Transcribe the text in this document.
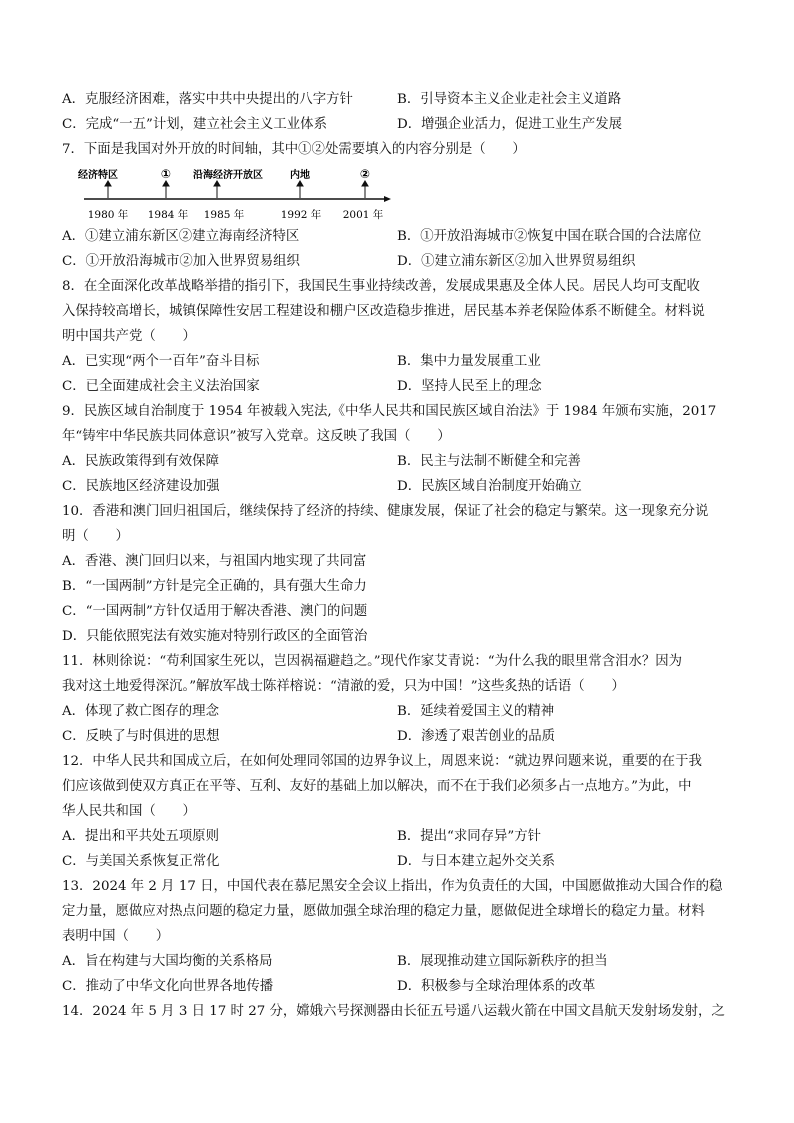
A．克服经济困难，落实中共中央提出的八字方针	B．引导资本主义企业走社会主义道路
C．完成“一五”计划，建立社会主义工业体系	D．增强企业活力，促进工业生产发展
7．下面是我国对外开放的时间轴，其中①②处需要填入的内容分别是（　　）
经济特区	① 沿海经济开放区	内地	②
1980 年 1984 年 1985 年	1992 年 2001 年
A．①建立浦东新区②建立海南经济特区	B．①开放沿海城市②恢复中国在联合国的合法席位
C．①开放沿海城市②加入世界贸易组织	D．①建立浦东新区②加入世界贸易组织
8．在全面深化改革战略举措的指引下，我国民生事业持续改善，发展成果惠及全体人民。居民人均可支配收
入保持较高增长，城镇保障性安居工程建设和棚户区改造稳步推进，居民基本养老保险体系不断健全。材料说
明中国共产党（　　）
A．已实现“两个一百年”奋斗目标	B．集中力量发展重工业
C．已全面建成社会主义法治国家	D．坚持人民至上的理念
9．民族区域自治制度于 1954 年被载入宪法,《中华人民共和国民族区域自治法》于 1984 年颁布实施，2017
年“铸牢中华民族共同体意识”被写入党章。这反映了我国（　　）
A．民族政策得到有效保障	B．民主与法制不断健全和完善
C．民族地区经济建设加强	D．民族区域自治制度开始确立
10．香港和澳门回归祖国后，继续保持了经济的持续、健康发展，保证了社会的稳定与繁荣。这一现象充分说
明（　　）
A．香港、澳门回归以来，与祖国内地实现了共同富
B．“一国两制”方针是完全正确的，具有强大生命力
C．“一国两制”方针仅适用于解决香港、澳门的问题
D．只能依照宪法有效实施对特别行政区的全面管治
11．林则徐说：“苟利国家生死以，岂因祸福避趋之。”现代作家艾青说：“为什么我的眼里常含泪水？因为
我对这土地爱得深沉。”解放军战士陈祥榕说：“清澈的爱，只为中国！”这些炙热的话语（　　）
A．体现了救亡图存的理念	B．延续着爱国主义的精神
C．反映了与时俱进的思想	D．渗透了艰苦创业的品质
12．中华人民共和国成立后，在如何处理同邻国的边界争议上，周恩来说：“就边界问题来说，重要的在于我
们应该做到使双方真正在平等、互利、友好的基础上加以解决，而不在于我们必须多占一点地方。”为此，中
华人民共和国（　　）
A．提出和平共处五项原则	B．提出“求同存异”方针
C．与美国关系恢复正常化	D．与日本建立起外交关系
13．2024 年 2 月 17 日，中国代表在慕尼黑安全会议上指出，作为负责任的大国，中国愿做推动大国合作的稳
定力量，愿做应对热点问题的稳定力量，愿做加强全球治理的稳定力量，愿做促进全球增长的稳定力量。材料
表明中国（　　）
A．旨在构建与大国均衡的关系格局	B．展现推动建立国际新秩序的担当
C．推动了中华文化向世界各地传播	D．积极参与全球治理体系的改革
14．2024 年 5 月 3 日 17 时 27 分，嫦娥六号探测器由长征五号遥八运载火箭在中国文昌航天发射场发射，之
